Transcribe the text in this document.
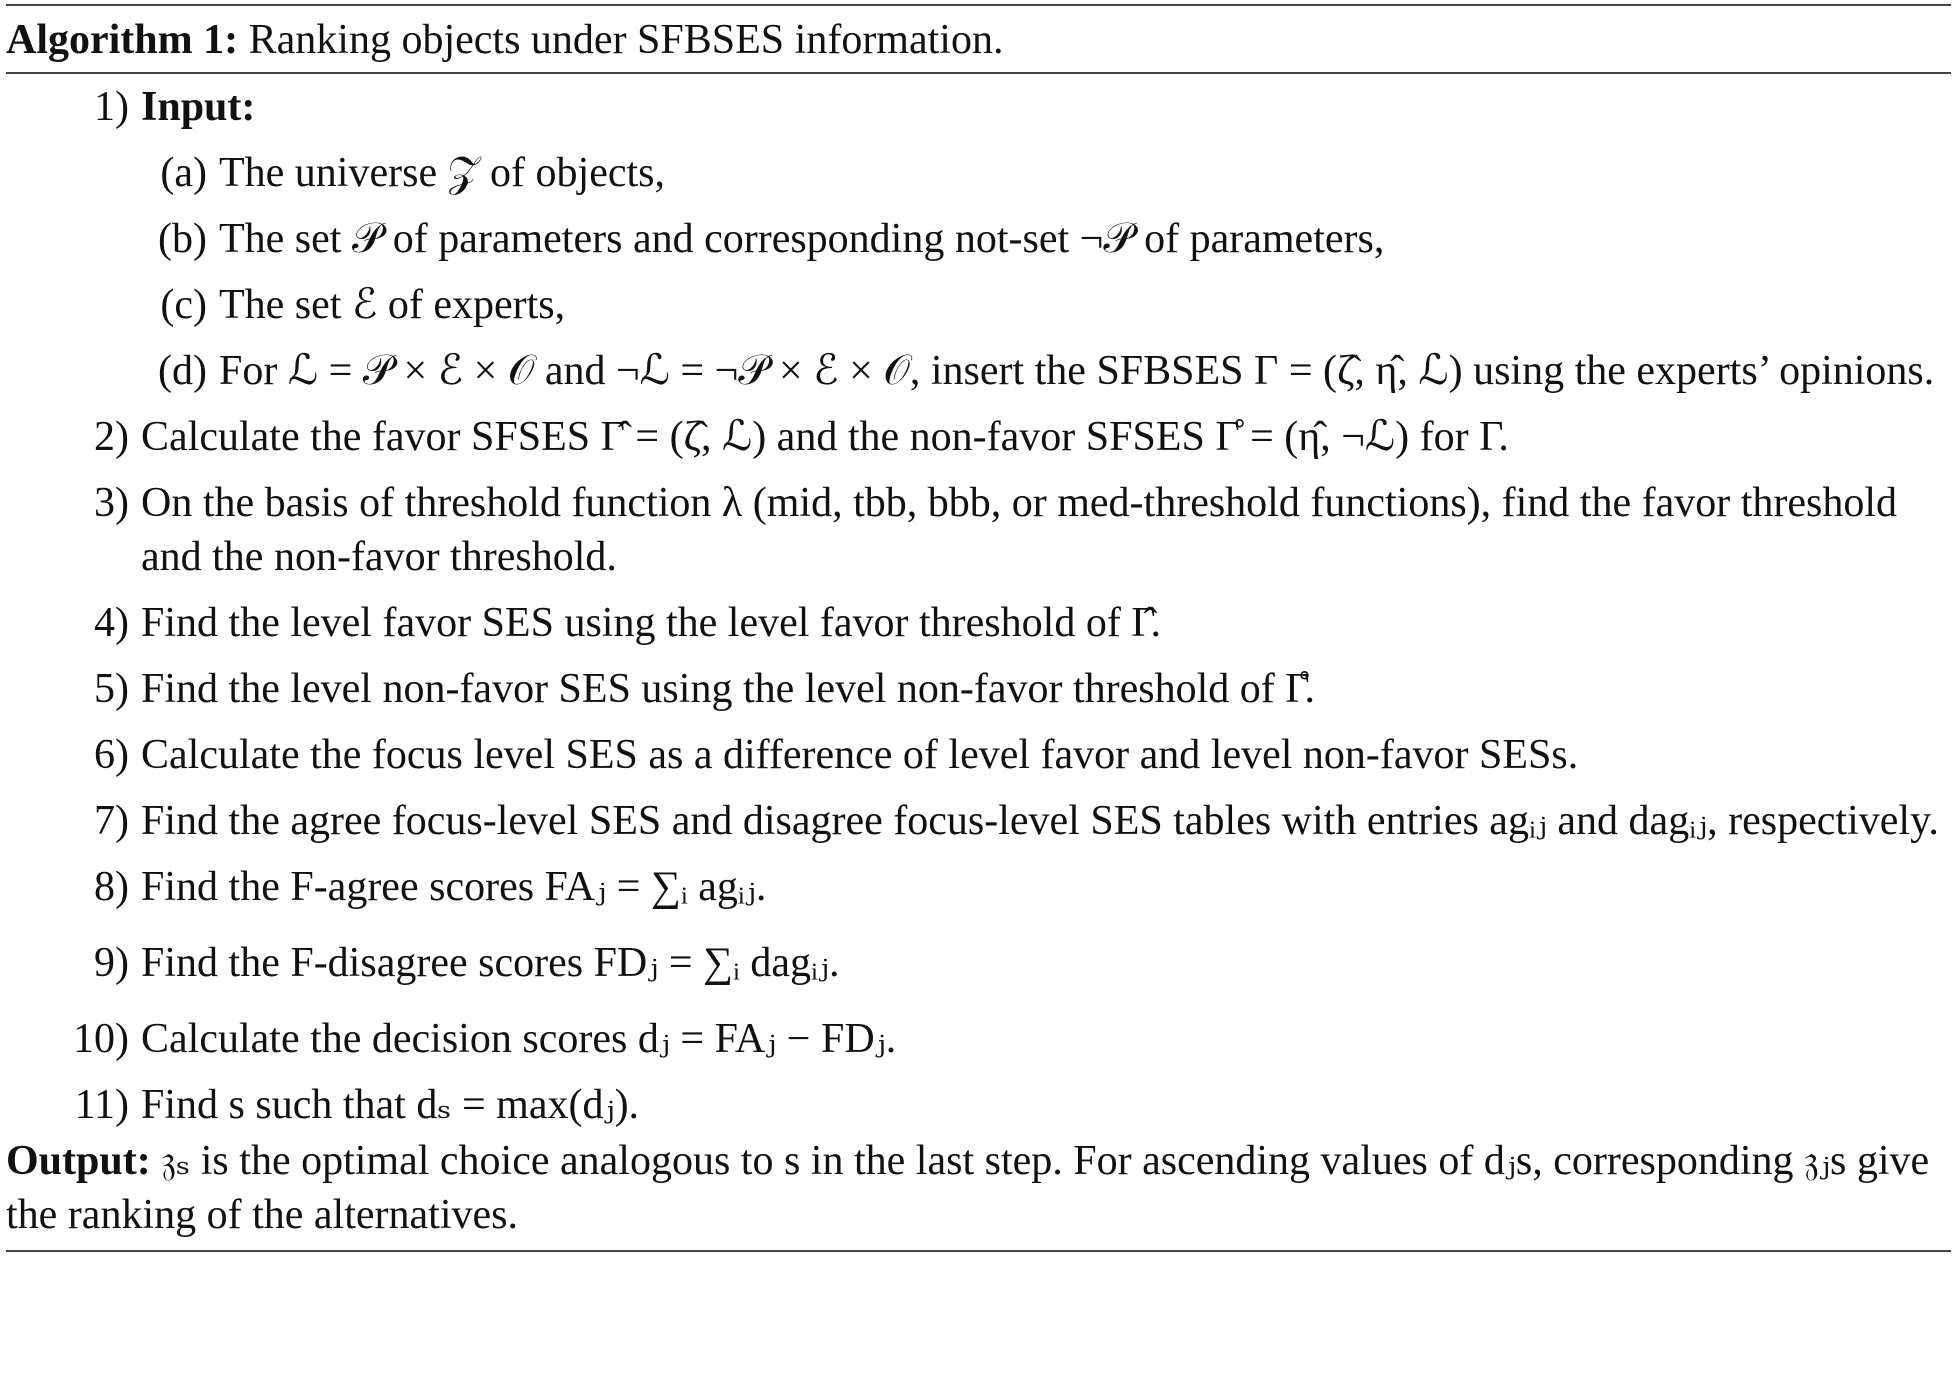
Algorithm 1: Ranking objects under SFBSES information.
1) Input:
(a) The universe 𝒵 of objects,
(b) The set 𝒫 of parameters and corresponding not-set ¬𝒫 of parameters,
(c) The set ℰ of experts,
(d) For ℒ = 𝒫 × ℰ × 𝒪 and ¬ℒ = ¬𝒫 × ℰ × 𝒪, insert the SFBSES Γ = (ζ̂, η̂, ℒ) using the experts’ opinions.
2) Calculate the favor SFSES Γ̂ = (ζ̂, ℒ) and the non-favor SFSES Γ̊ = (η̂, ¬ℒ) for Γ.
3) On the basis of threshold function λ (mid, tbb, bbb, or med-threshold functions), find the favor threshold and the non-favor threshold.
4) Find the level favor SES using the level favor threshold of Γ̂.
5) Find the level non-favor SES using the level non-favor threshold of Γ̊.
6) Calculate the focus level SES as a difference of level favor and level non-favor SESs.
7) Find the agree focus-level SES and disagree focus-level SES tables with entries agᵢⱼ and dagᵢⱼ, respectively.
8) Find the F-agree scores FAⱼ = ∑ᵢ agᵢⱼ.
9) Find the F-disagree scores FDⱼ = ∑ᵢ dagᵢⱼ.
10) Calculate the decision scores dⱼ = FAⱼ − FDⱼ.
11) Find s such that dₛ = max(dⱼ).
Output: 𝔷ₛ is the optimal choice analogous to s in the last step. For ascending values of dⱼs, corresponding 𝔷ⱼs give the ranking of the alternatives.
